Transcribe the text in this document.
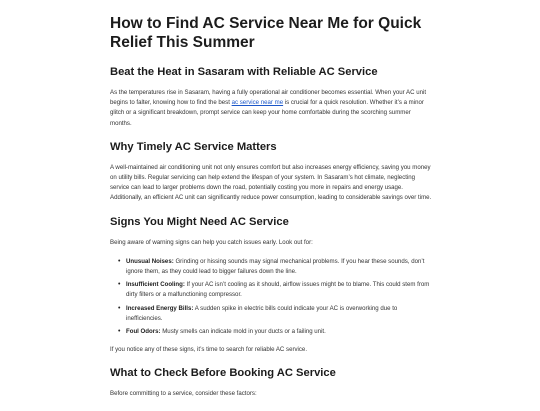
How to Find AC Service Near Me for Quick Relief This Summer
Beat the Heat in Sasaram with Reliable AC Service

As the temperatures rise in Sasaram, having a fully operational air conditioner becomes essential. When your AC unit begins to falter, knowing how to find the best ac service near me is crucial for a quick resolution. Whether it’s a minor glitch or a significant breakdown, prompt service can keep your home comfortable during the scorching summer months.

Why Timely AC Service Matters

A well-maintained air conditioning unit not only ensures comfort but also increases energy efficiency, saving you money on utility bills. Regular servicing can help extend the lifespan of your system. In Sasaram’s hot climate, neglecting service can lead to larger problems down the road, potentially costing you more in repairs and energy usage. Additionally, an efficient AC unit can significantly reduce power consumption, leading to considerable savings over time.

Signs You Might Need AC Service

Being aware of warning signs can help you catch issues early. Look out for:

• Unusual Noises: Grinding or hissing sounds may signal mechanical problems. If you hear these sounds, don’t ignore them, as they could lead to bigger failures down the line.
• Insufficient Cooling: If your AC isn’t cooling as it should, airflow issues might be to blame. This could stem from dirty filters or a malfunctioning compressor.
• Increased Energy Bills: A sudden spike in electric bills could indicate your AC is overworking due to inefficiencies.
• Foul Odors: Musty smells can indicate mold in your ducts or a failing unit.

If you notice any of these signs, it’s time to search for reliable AC service.

What to Check Before Booking AC Service

Before committing to a service, consider these factors:
